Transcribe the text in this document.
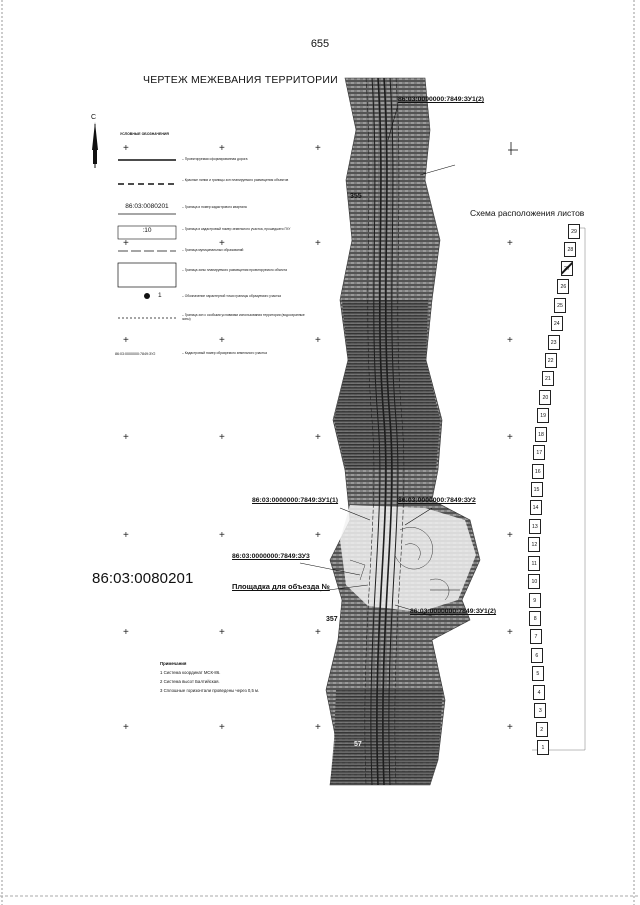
+	+	+
+	+	+
+	+	+
+	+	+
+	+	+
+	+	+
+	+	+
+
+
+
+
+
+
655
ЧЕРТЕЖ МЕЖЕВАНИЯ ТЕРРИТОРИИ
С
УСЛОВНЫЕ ОБОЗНАЧЕНИЯ
– Проектируемая сформированная дорога
– Красные линии и границы зон планируемого размещения объектов
86:03:0080201	– Граница и номер кадастрового квартала
:10	– Граница и кадастровый номер земельного участка, прошедшего ГКУ
– Граница муниципальных образований
– Граница зоны планируемого размещения проектируемого объекта
1	– Обозначение характерной точки границы образуемого участка
– Граница зон с особыми условиями использования территории (водоохранные зоны)
86:03:0000000:7849:ЗУ2	– Кадастровый номер образуемого земельного участка
86:03:0080201
86:03:0000000:7849:ЗУ1(2)
86:03:0000000:7849:ЗУ1(1)	86:03:0000000:7849:ЗУ2
86:03:0000000:7849:ЗУ3
Площадка для объезда №
86:03:0000000:7849:ЗУ1(2)
355
357
57
Примечания
1 Система координат МСК-86.
2 Система высот Балтийская.
3 Сплошные горизонтали проведены через 0,5 м.
Схема расположения листов
29
28
27
26
25
24
23
22
21
20
19
18
17
16
15
14
13
12
11
10
9
8
7
6
5
4
3
2
1
